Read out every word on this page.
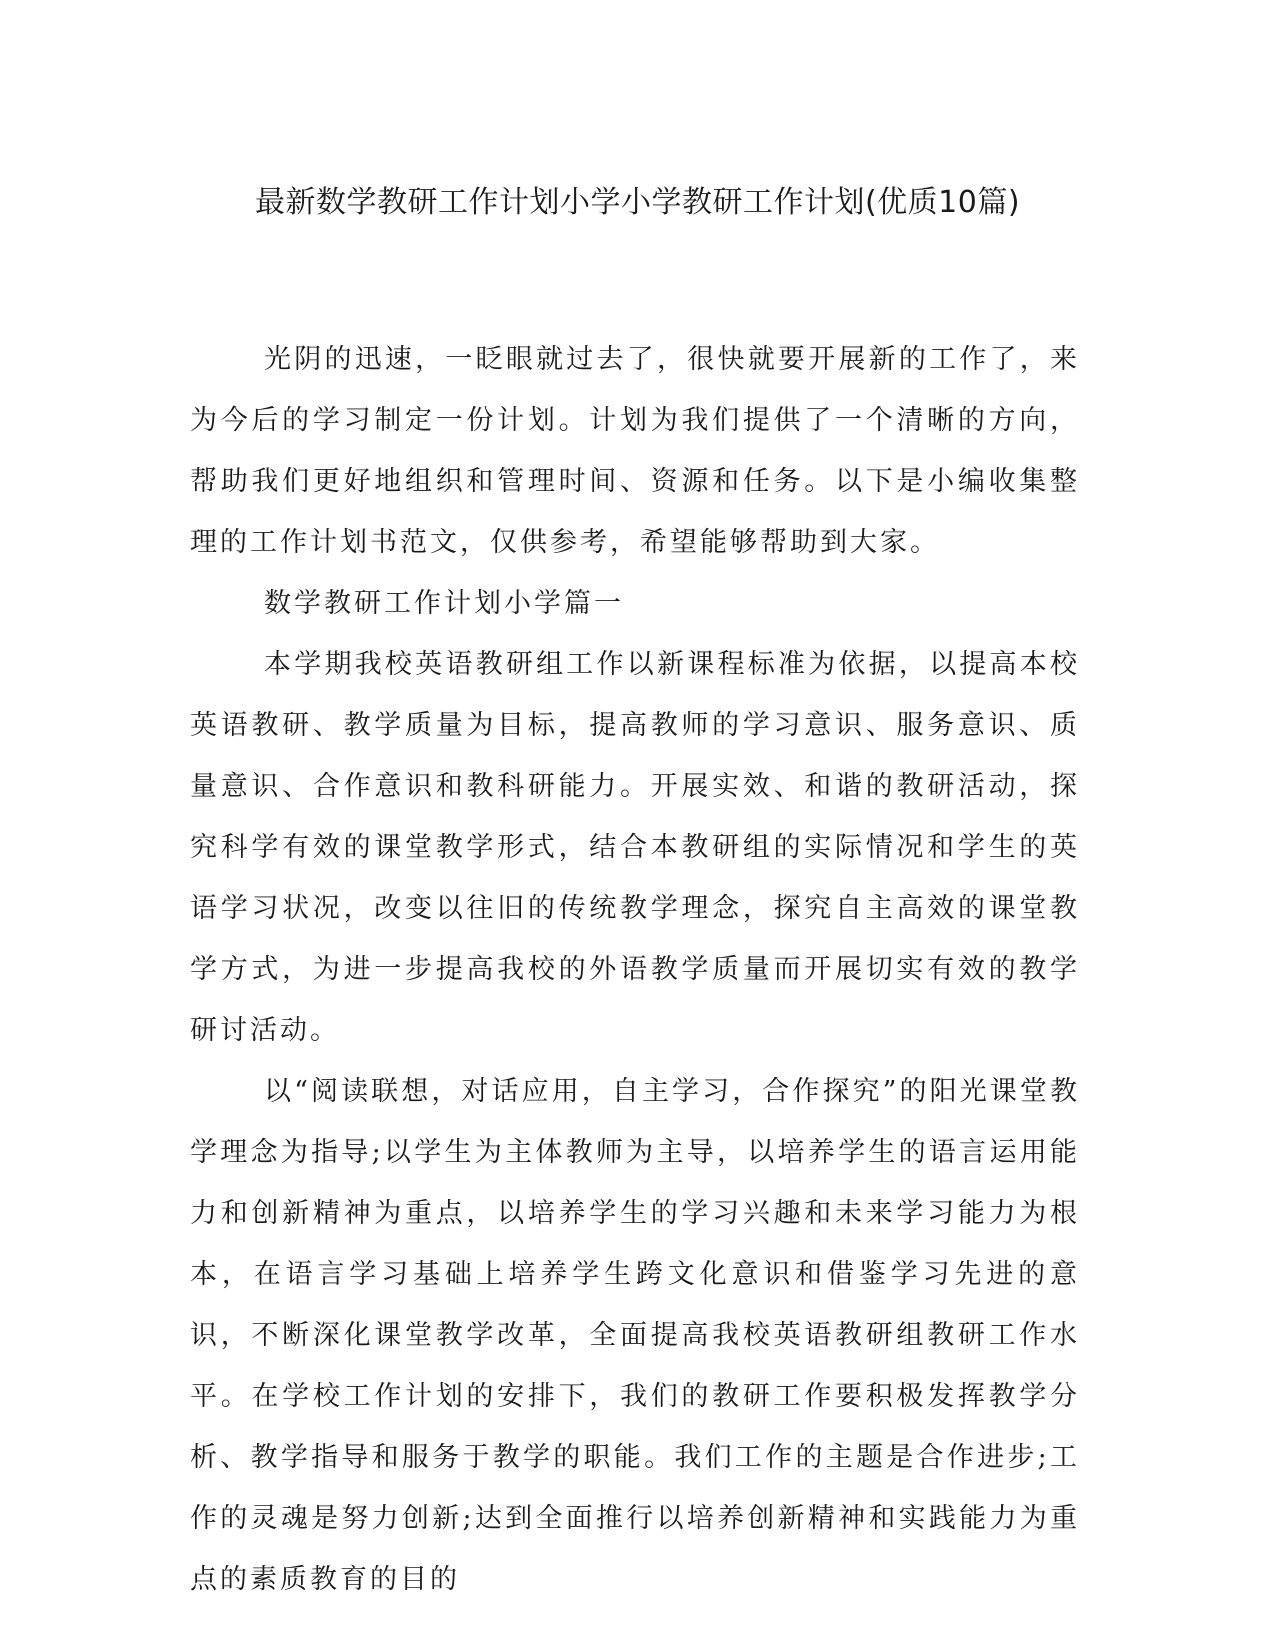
最新数学教研工作计划小学小学教研工作计划(优质10篇)

光阴的迅速，一眨眼就过去了，很快就要开展新的工作了，来为今后的学习制定一份计划。计划为我们提供了一个清晰的方向，帮助我们更好地组织和管理时间、资源和任务。以下是小编收集整理的工作计划书范文，仅供参考，希望能够帮助到大家。

数学教研工作计划小学篇一

本学期我校英语教研组工作以新课程标准为依据，以提高本校英语教研、教学质量为目标，提高教师的学习意识、服务意识、质量意识、合作意识和教科研能力。开展实效、和谐的教研活动，探究科学有效的课堂教学形式，结合本教研组的实际情况和学生的英语学习状况，改变以往旧的传统教学理念，探究自主高效的课堂教学方式，为进一步提高我校的外语教学质量而开展切实有效的教学研讨活动。

以“阅读联想，对话应用，自主学习，合作探究”的阳光课堂教学理念为指导;以学生为主体教师为主导，以培养学生的语言运用能力和创新精神为重点，以培养学生的学习兴趣和未来学习能力为根本，在语言学习基础上培养学生跨文化意识和借鉴学习先进的意识，不断深化课堂教学改革，全面提高我校英语教研组教研工作水平。在学校工作计划的安排下，我们的教研工作要积极发挥教学分析、教学指导和服务于教学的职能。我们工作的主题是合作进步;工作的灵魂是努力创新;达到全面推行以培养创新精神和实践能力为重点的素质教育的目的
